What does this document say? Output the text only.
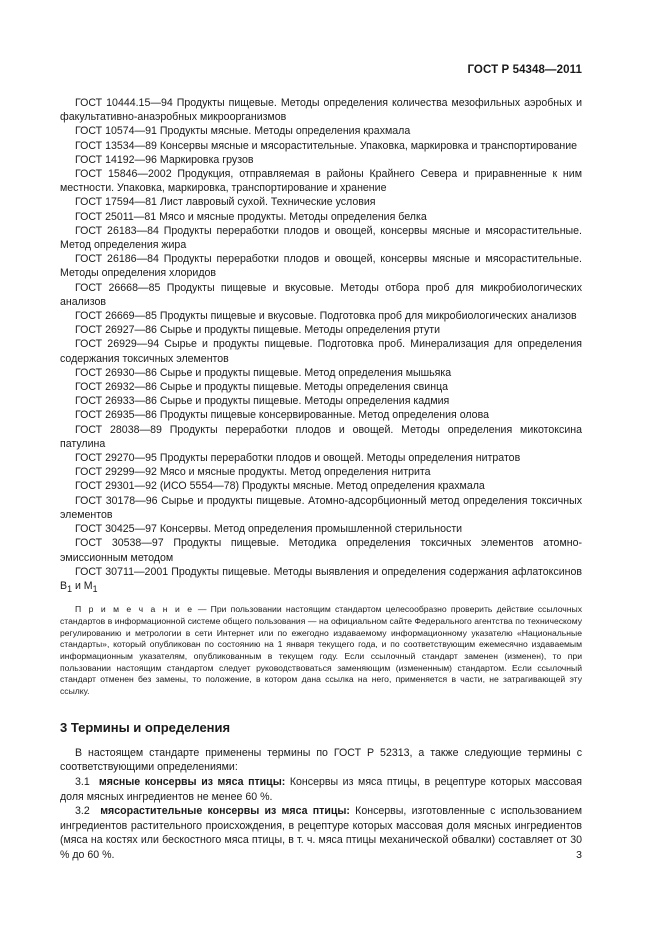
ГОСТ Р 54348—2011

ГОСТ 10444.15—94 Продукты пищевые. Методы определения количества мезофильных аэробных и факультативно-анаэробных микроорганизмов

ГОСТ 10574—91 Продукты мясные. Методы определения крахмала

ГОСТ 13534—89 Консервы мясные и мясорастительные. Упаковка, маркировка и транспортирование

ГОСТ 14192—96 Маркировка грузов

ГОСТ 15846—2002 Продукция, отправляемая в районы Крайнего Севера и приравненные к ним местности. Упаковка, маркировка, транспортирование и хранение

ГОСТ 17594—81 Лист лавровый сухой. Технические условия

ГОСТ 25011—81 Мясо и мясные продукты. Методы определения белка

ГОСТ 26183—84 Продукты переработки плодов и овощей, консервы мясные и мясорастительные. Метод определения жира

ГОСТ 26186—84 Продукты переработки плодов и овощей, консервы мясные и мясорастительные. Методы определения хлоридов

ГОСТ 26668—85 Продукты пищевые и вкусовые. Методы отбора проб для микробиологических анализов

ГОСТ 26669—85 Продукты пищевые и вкусовые. Подготовка проб для микробиологических анализов

ГОСТ 26927—86 Сырье и продукты пищевые. Методы определения ртути

ГОСТ 26929—94 Сырье и продукты пищевые. Подготовка проб. Минерализация для определения содержания токсичных элементов

ГОСТ 26930—86 Сырье и продукты пищевые. Метод определения мышьяка

ГОСТ 26932—86 Сырье и продукты пищевые. Методы определения свинца

ГОСТ 26933—86 Сырье и продукты пищевые. Методы определения кадмия

ГОСТ 26935—86 Продукты пищевые консервированные. Метод определения олова

ГОСТ 28038—89 Продукты переработки плодов и овощей. Методы определения микотоксина патулина

ГОСТ 29270—95 Продукты переработки плодов и овощей. Методы определения нитратов

ГОСТ 29299—92 Мясо и мясные продукты. Метод определения нитрита

ГОСТ 29301—92 (ИСО 5554—78) Продукты мясные. Метод определения крахмала

ГОСТ 30178—96 Сырье и продукты пищевые. Атомно-адсорбционный метод определения токсичных элементов

ГОСТ 30425—97 Консервы. Метод определения промышленной стерильности

ГОСТ 30538—97 Продукты пищевые. Методика определения токсичных элементов атомно-эмиссионным методом

ГОСТ 30711—2001 Продукты пищевые. Методы выявления и определения содержания афлатоксинов $В_1$ и $М_1$

П р и м е ч а н и е — При пользовании настоящим стандартом целесообразно проверить действие ссылочных стандартов в информационной системе общего пользования — на официальном сайте Федерального агентства по техническому регулированию и метрологии в сети Интернет или по ежегодно издаваемому информационному указателю «Национальные стандарты», который опубликован по состоянию на 1 января текущего года, и по соответствующим ежемесячно издаваемым информационным указателям, опубликованным в текущем году. Если ссылочный стандарт заменен (изменен), то при пользовании настоящим стандартом следует руководствоваться заменяющим (измененным) стандартом. Если ссылочный стандарт отменен без замены, то положение, в котором дана ссылка на него, применяется в части, не затрагивающей эту ссылку.

3 Термины и определения

В настоящем стандарте применены термины по ГОСТ Р 52313, а также следующие термины с соответствующими определениями:

3.1 мясные консервы из мяса птицы: Консервы из мяса птицы, в рецептуре которых массовая доля мясных ингредиентов не менее 60 %.

3.2 мясорастительные консервы из мяса птицы: Консервы, изготовленные с использованием ингредиентов растительного происхождения, в рецептуре которых массовая доля мясных ингредиентов (мяса на костях или бескостного мяса птицы, в т. ч. мяса птицы механической обвалки) составляет от 30 % до 60 %.	3
